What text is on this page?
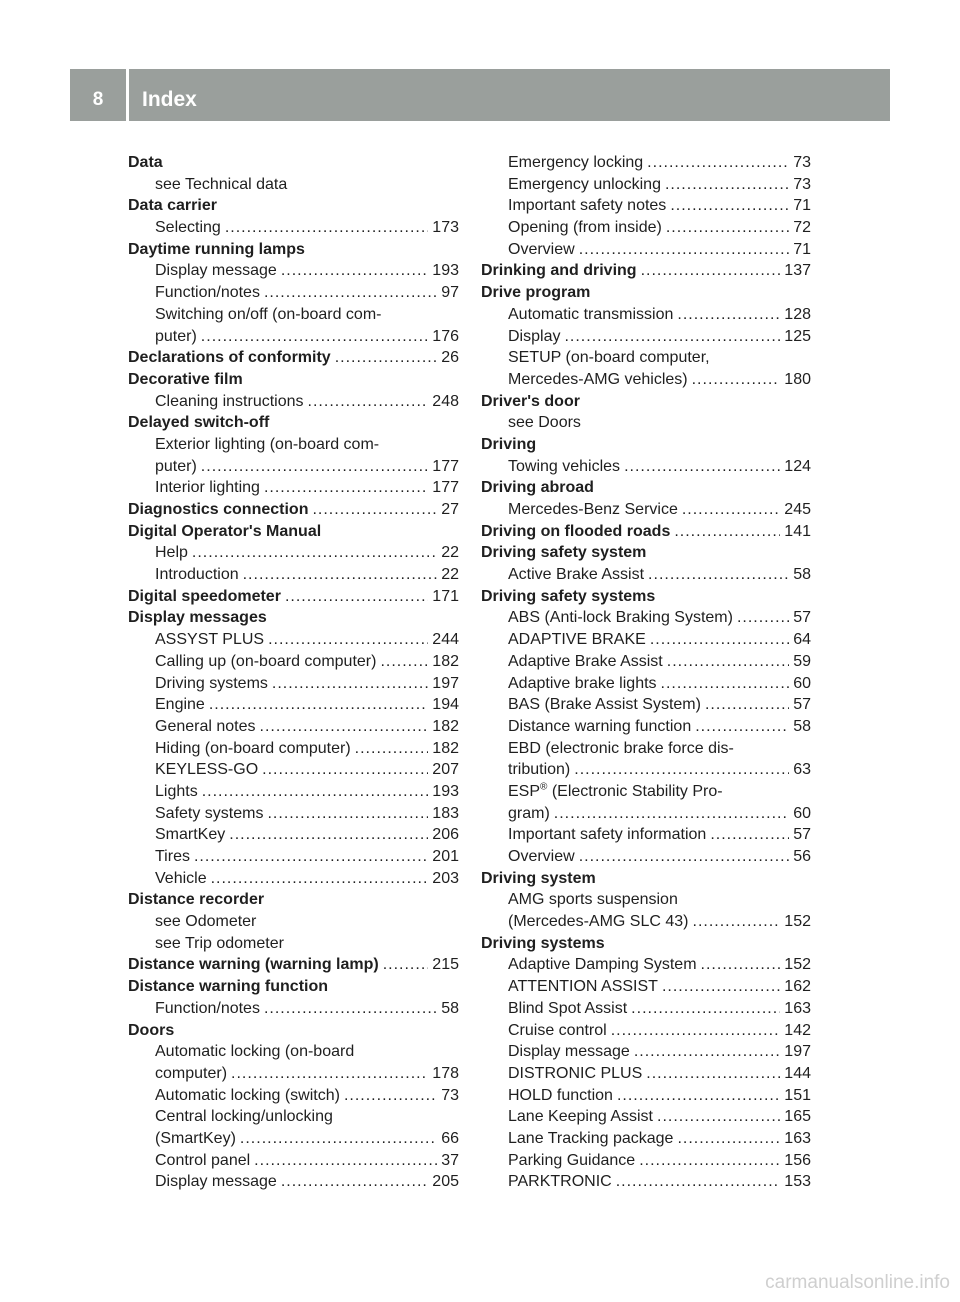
8	Index
Data
see Technical data
Data carrier
Selecting .....	173
Daytime running lamps
Display message .....	193
Function/notes .....	97
Switching on/off (on-board com-
puter) .....	176
Declarations of conformity .....	26
Decorative film
Cleaning instructions .....	248
Delayed switch-off
Exterior lighting (on-board com-
puter) .....	177
Interior lighting .....	177
Diagnostics connection .....	27
Digital Operator's Manual
Help .....	22
Introduction .....	22
Digital speedometer .....	171
Display messages
ASSYST PLUS .....	244
Calling up (on-board computer) .....	182
Driving systems .....	197
Engine .....	194
General notes .....	182
Hiding (on-board computer) .....	182
KEYLESS-GO .....	207
Lights .....	193
Safety systems .....	183
SmartKey .....	206
Tires .....	201
Vehicle .....	203
Distance recorder
see Odometer
see Trip odometer
Distance warning (warning lamp) .....	215
Distance warning function
Function/notes .....	58
Doors
Automatic locking (on-board
computer) .....	178
Automatic locking (switch) .....	73
Central locking/unlocking
(SmartKey) .....	66
Control panel .....	37
Display message .....	205
Emergency locking .....	73
Emergency unlocking .....	73
Important safety notes .....	71
Opening (from inside) .....	72
Overview .....	71
Drinking and driving .....	137
Drive program
Automatic transmission .....	128
Display .....	125
SETUP (on-board computer,
Mercedes-AMG vehicles) .....	180
Driver's door
see Doors
Driving
Towing vehicles .....	124
Driving abroad
Mercedes-Benz Service .....	245
Driving on flooded roads .....	141
Driving safety system
Active Brake Assist .....	58
Driving safety systems
ABS (Anti-lock Braking System) .....	57
ADAPTIVE BRAKE .....	64
Adaptive Brake Assist .....	59
Adaptive brake lights .....	60
BAS (Brake Assist System) .....	57
Distance warning function .....	58
EBD (electronic brake force dis-
tribution) .....	63
ESP® (Electronic Stability Pro-
gram) .....	60
Important safety information .....	57
Overview .....	56
Driving system
AMG sports suspension
(Mercedes-AMG SLC 43) .....	152
Driving systems
Adaptive Damping System .....	152
ATTENTION ASSIST .....	162
Blind Spot Assist .....	163
Cruise control .....	142
Display message .....	197
DISTRONIC PLUS .....	144
HOLD function .....	151
Lane Keeping Assist .....	165
Lane Tracking package .....	163
Parking Guidance .....	156
PARKTRONIC .....	153
carmanualsonline.info
